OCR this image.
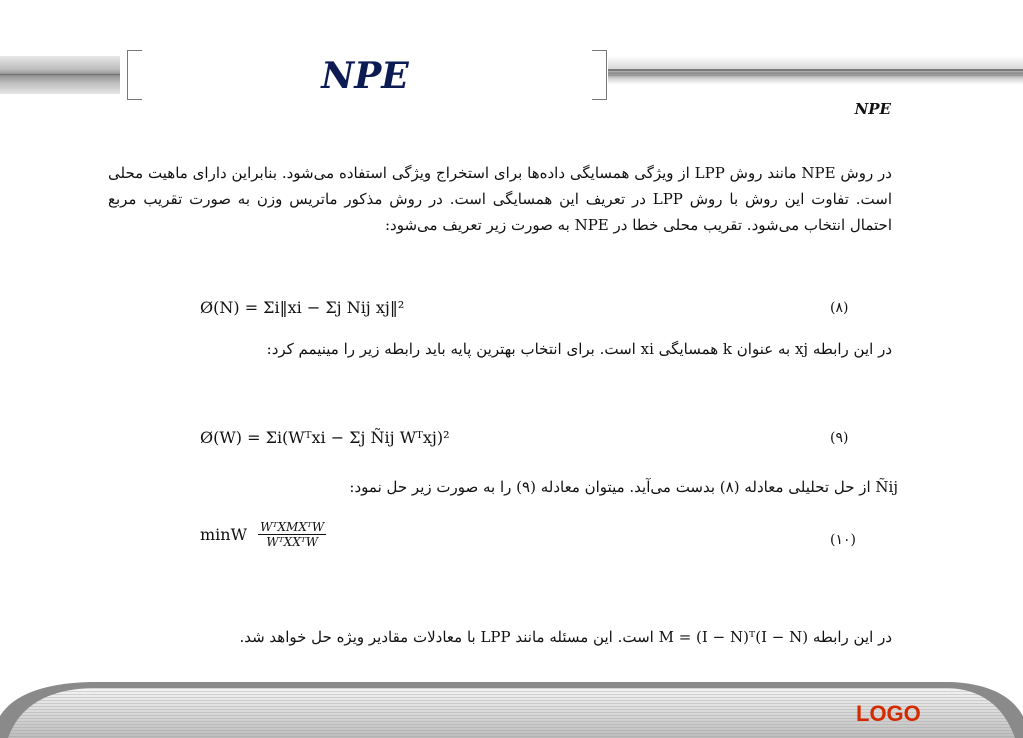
NPE
NPE

در روش NPE مانند روش LPP از ویژگی همسایگی داده‌ها برای استخراج ویژگی استفاده می‌شود. بنابراین دارای ماهیت محلی است. تفاوت این روش با روش LPP در تعریف این همسایگی است. در روش مذکور ماتریس وزن به صورت تقریب مربع احتمال انتخاب می‌شود. تقریب محلی خطا در NPE به صورت زیر تعریف می‌شود:

Ø(N) = Σi‖xi − Σj Nij xj‖²	(۸)

در این رابطه xj به عنوان k همسایگی xi است. برای انتخاب بهترین پایه باید رابطه زیر را مینیمم کرد:

Ø(W) = Σi(Wᵀxi − Σj Ñij Wᵀxj)²	(۹)

Ñij از حل تحلیلی معادله (۸) بدست می‌آید. میتوان معادله (۹) را به صورت زیر حل نمود:

minW WᵀXMXᵀW
WᵀXXᵀW	(۱۰)

در این رابطه M = (I − N)ᵀ(I − N) است. این مسئله مانند LPP با معادلات مقادیر ویژه حل خواهد شد.

LOGO
